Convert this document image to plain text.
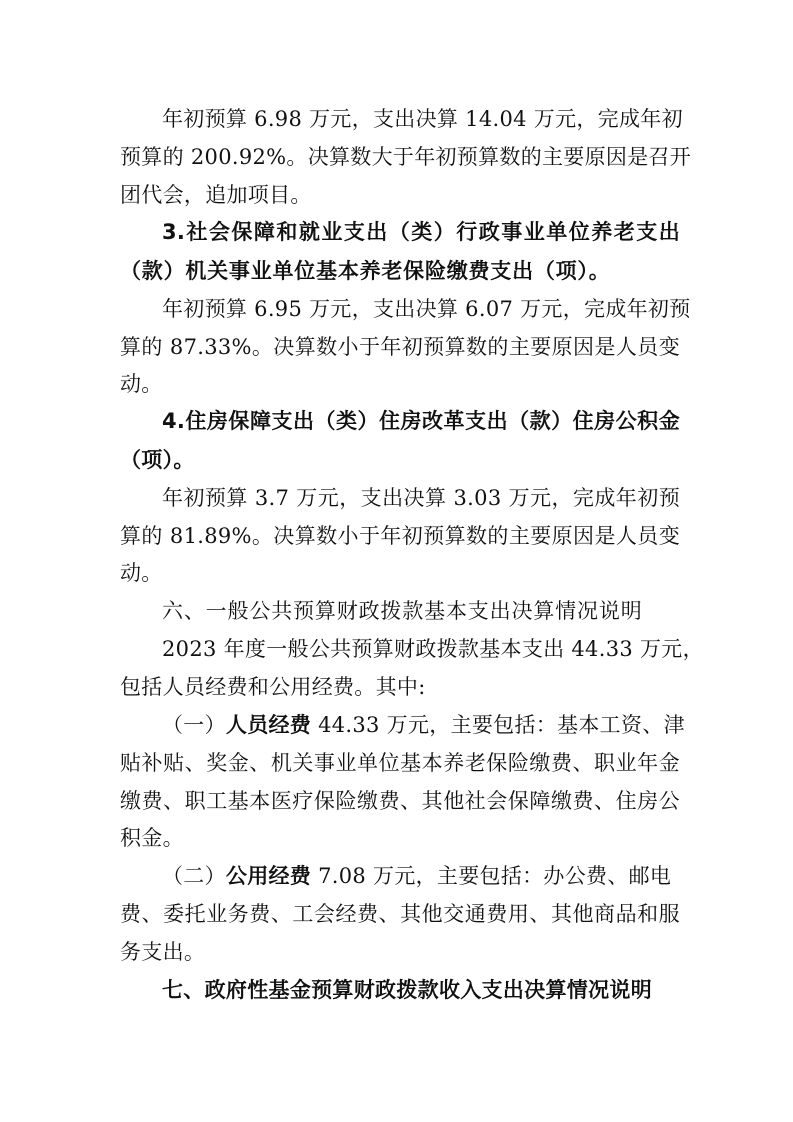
年初预算 6.98 万元，支出决算 14.04 万元，完成年初
预算的 200.92%。决算数大于年初预算数的主要原因是召开
团代会，追加项目。
3.社会保障和就业支出（类）行政事业单位养老支出
（款）机关事业单位基本养老保险缴费支出（项）。
年初预算 6.95 万元，支出决算 6.07 万元，完成年初预
算的 87.33%。决算数小于年初预算数的主要原因是人员变
动。
4.住房保障支出（类）住房改革支出（款）住房公积金
（项）。
年初预算 3.7 万元，支出决算 3.03 万元，完成年初预
算的 81.89%。决算数小于年初预算数的主要原因是人员变
动。
六、一般公共预算财政拨款基本支出决算情况说明
2023 年度一般公共预算财政拨款基本支出 44.33 万元，
包括人员经费和公用经费。其中:
（一）人员经费 44.33 万元，主要包括：基本工资、津
贴补贴、奖金、机关事业单位基本养老保险缴费、职业年金
缴费、职工基本医疗保险缴费、其他社会保障缴费、住房公
积金。
（二）公用经费 7.08 万元，主要包括：办公费、邮电
费、委托业务费、工会经费、其他交通费用、其他商品和服
务支出。
七、政府性基金预算财政拨款收入支出决算情况说明
